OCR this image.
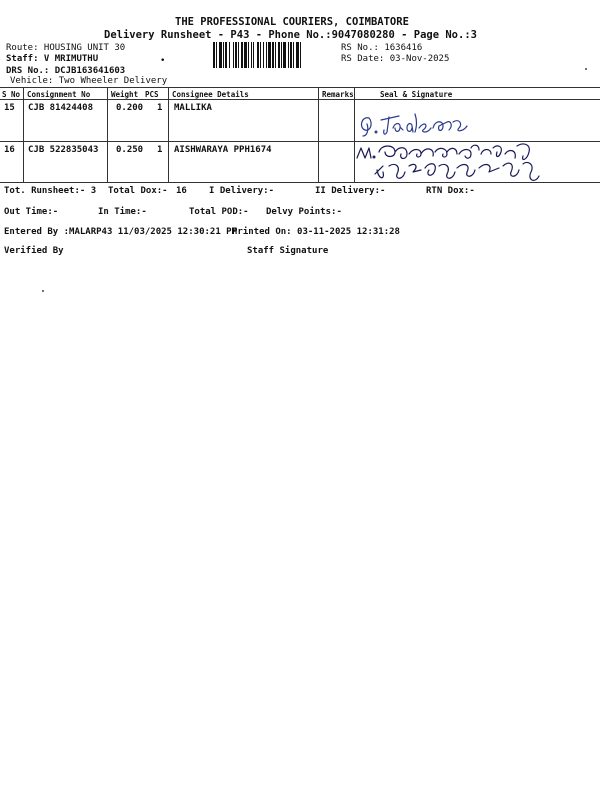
THE PROFESSIONAL COURIERS, COIMBATORE
Delivery Runsheet - P43 - Phone No.:9047080280 - Page No.:3
Route: HOUSING UNIT 30
Staff: V MRIMUTHU
DRS No.: DCJB163641603
Vehicle: Two Wheeler Delivery
•
RS No.: 1636416
RS Date: 03-Nov-2025
S No Consignment No	Weight PCS Consignee Details	Remarks	Seal & Signature
15 CJB 81424408	0.200 1 MALLIKA
16 CJB 522835043 0.250 1 AISHWARAYA PPH1674
Tot. Runsheet:- 3 Total Dox:- 16 I Delivery:-	II Delivery:-	RTN Dox:-
Out Time:-	In Time:-	Total POD:- Delvy Points:-
Entered By :MALARP43 11/03/2025 12:30:21 PM
Printed On: 03-11-2025 12:31:28
Verified By	Staff Signature
